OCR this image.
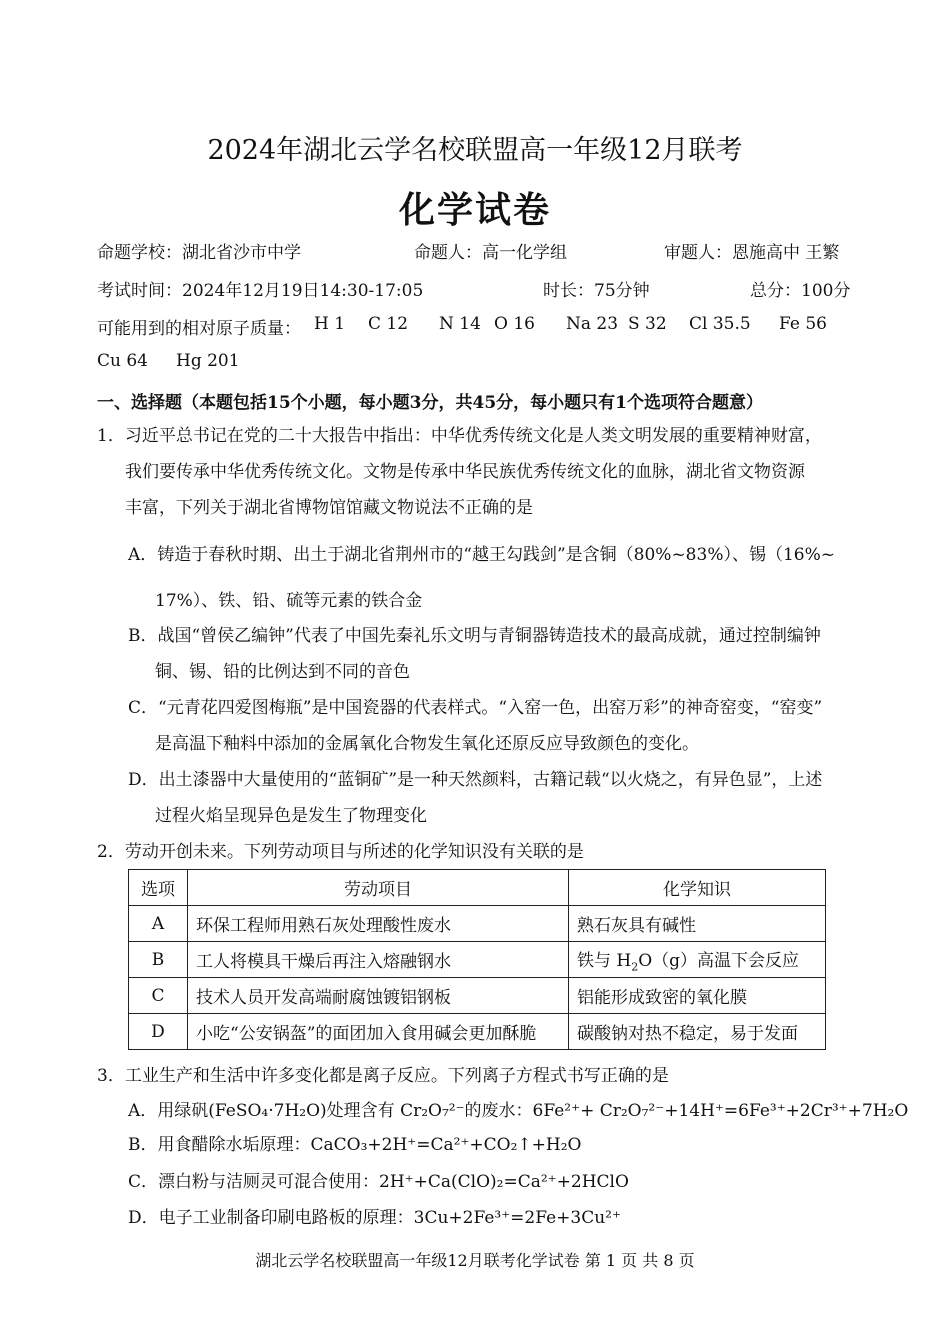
2024年湖北云学名校联盟高一年级12月联考
化学试卷
命题学校：湖北省沙市中学	命题人：高一化学组	审题人：恩施高中 王繁
考试时间：2024年12月19日14:30-17:05	时长：75分钟	总分：100分
可能用到的相对原子质量： H 1 C 12 N 14 O 16 Na 23 S 32 Cl 35.5 Fe 56
Cu 64 Hg 201
一、选择题（本题包括15个小题，每小题3分，共45分，每小题只有1个选项符合题意）
1．习近平总书记在党的二十大报告中指出：中华优秀传统文化是人类文明发展的重要精神财富，
我们要传承中华优秀传统文化。文物是传承中华民族优秀传统文化的血脉，湖北省文物资源
丰富，下列关于湖北省博物馆馆藏文物说法不正确的是
A．铸造于春秋时期、出土于湖北省荆州市的“越王勾践剑”是含铜（80%~83%）、锡（16%~
17%）、铁、铅、硫等元素的铁合金
B．战国“曾侯乙编钟”代表了中国先秦礼乐文明与青铜器铸造技术的最高成就，通过控制编钟
铜、锡、铅的比例达到不同的音色
C．“元青花四爱图梅瓶”是中国瓷器的代表样式。“入窑一色，出窑万彩”的神奇窑变，“窑变”
是高温下釉料中添加的金属氧化合物发生氧化还原反应导致颜色的变化。
D．出土漆器中大量使用的“蓝铜矿”是一种天然颜料，古籍记载“以火烧之，有异色显”，上述
过程火焰呈现异色是发生了物理变化
2．劳动开创未来。下列劳动项目与所述的化学知识没有关联的是
选项	劳动项目	化学知识
A	环保工程师用熟石灰处理酸性废水	熟石灰具有碱性
B	工人将模具干燥后再注入熔融钢水	铁与 $H_2O(g)$高温下会反应
C	技术人员开发高端耐腐蚀镀铝钢板	铝能形成致密的氧化膜
D	小吃“公安锅盔”的面团加入食用碱会更加酥脆	碳酸钠对热不稳定，易于发面
3．工业生产和生活中许多变化都是离子反应。下列离子方程式书写正确的是
A．用绿矾(FeSO₄·7H₂O)处理含有 Cr₂O₇²⁻的废水：6Fe²⁺+ Cr₂O₇²⁻+14H⁺=6Fe³⁺+2Cr³⁺+7H₂O
B．用食醋除水垢原理：CaCO₃+2H⁺=Ca²⁺+CO₂↑+H₂O
C．漂白粉与洁厕灵可混合使用：2H⁺+Ca(ClO)₂=Ca²⁺+2HClO
D．电子工业制备印刷电路板的原理：3Cu+2Fe³⁺=2Fe+3Cu²⁺
湖北云学名校联盟高一年级12月联考化学试卷 第 1 页 共 8 页
